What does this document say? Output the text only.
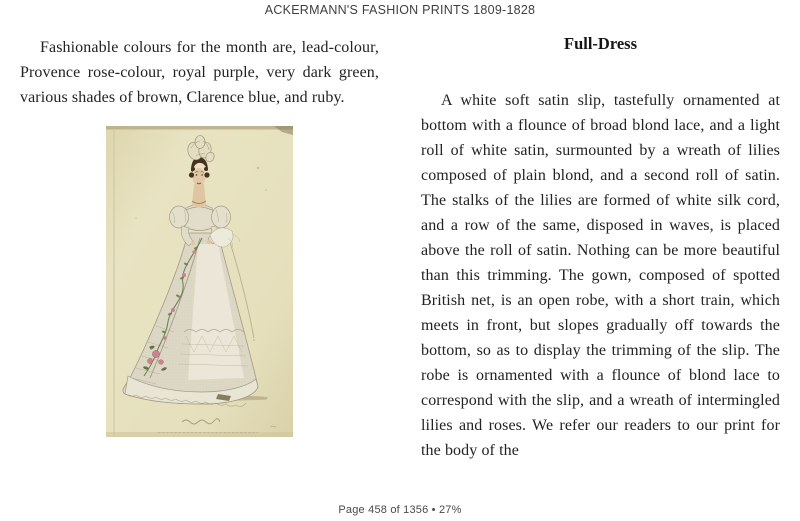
ACKERMANN'S FASHION PRINTS 1809-1828

Fashionable colours for the month are, lead-colour, Provence rose-colour, royal purple, very dark green, various shades of brown, Clarence blue, and ruby.

Full-Dress

A white soft satin slip, tastefully ornamented at bottom with a flounce of broad blond lace, and a light roll of white satin, surmounted by a wreath of lilies composed of plain blond, and a second roll of satin. The stalks of the lilies are formed of white silk cord, and a row of the same, disposed in waves, is placed above the roll of satin. Nothing can be more beautiful than this trimming. The gown, composed of spotted British net, is an open robe, with a short train, which meets in front, but slopes gradually off towards the bottom, so as to display the trimming of the slip. The robe is ornamented with a flounce of blond lace to correspond with the slip, and a wreath of intermingled lilies and roses. We refer our readers to our print for the body of the

Page 458 of 1356 • 27%
